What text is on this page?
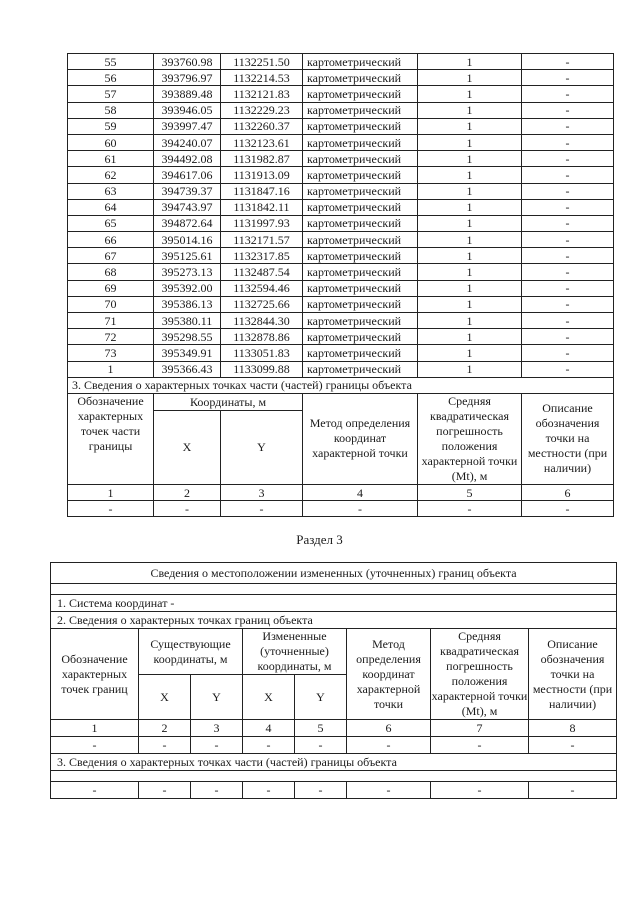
55	393760.98	1132251.50	картометрический	1	-
56	393796.97	1132214.53	картометрический	1	-
57	393889.48	1132121.83	картометрический	1	-
58	393946.05	1132229.23	картометрический	1	-
59	393997.47	1132260.37	картометрический	1	-
60	394240.07	1132123.61	картометрический	1	-
61	394492.08	1131982.87	картометрический	1	-
62	394617.06	1131913.09	картометрический	1	-
63	394739.37	1131847.16	картометрический	1	-
64	394743.97	1131842.11	картометрический	1	-
65	394872.64	1131997.93	картометрический	1	-
66	395014.16	1132171.57	картометрический	1	-
67	395125.61	1132317.85	картометрический	1	-
68	395273.13	1132487.54	картометрический	1	-
69	395392.00	1132594.46	картометрический	1	-
70	395386.13	1132725.66	картометрический	1	-
71	395380.11	1132844.30	картометрический	1	-
72	395298.55	1132878.86	картометрический	1	-
73	395349.91	1133051.83	картометрический	1	-
1	395366.43	1133099.88	картометрический	1	-
3. Сведения о характерных точках части (частей) границы объекта					
Обозначение характерных точек части границы	Координаты, м		Метод определения координат характерной точки	Средняя квадратическая погрешность положения характерной точки (Mt), м	Описание обозначения точки на местности (при наличии)
	X	Y			
1	2	3	4	5	6
-	-	-	-	-	-
Раздел 3
Сведения о местоположении измененных (уточненных) границ объекта							

1. Система координат -							
2. Сведения о характерных точках границ объекта							
Обозначение характерных точек границ	Существующие координаты, м		Измененные (уточненные) координаты, м		Метод определения координат характерной точки	Средняя квадратическая погрешность положения характерной точки (Mt), м	Описание обозначения точки на местности (при наличии)
	X	Y	X	Y			
1	2	3	4	5	6	7	8
-	-	-	-	-	-	-	-
3. Сведения о характерных точках части (частей) границы объекта							

-	-	-	-	-	-	-	-
